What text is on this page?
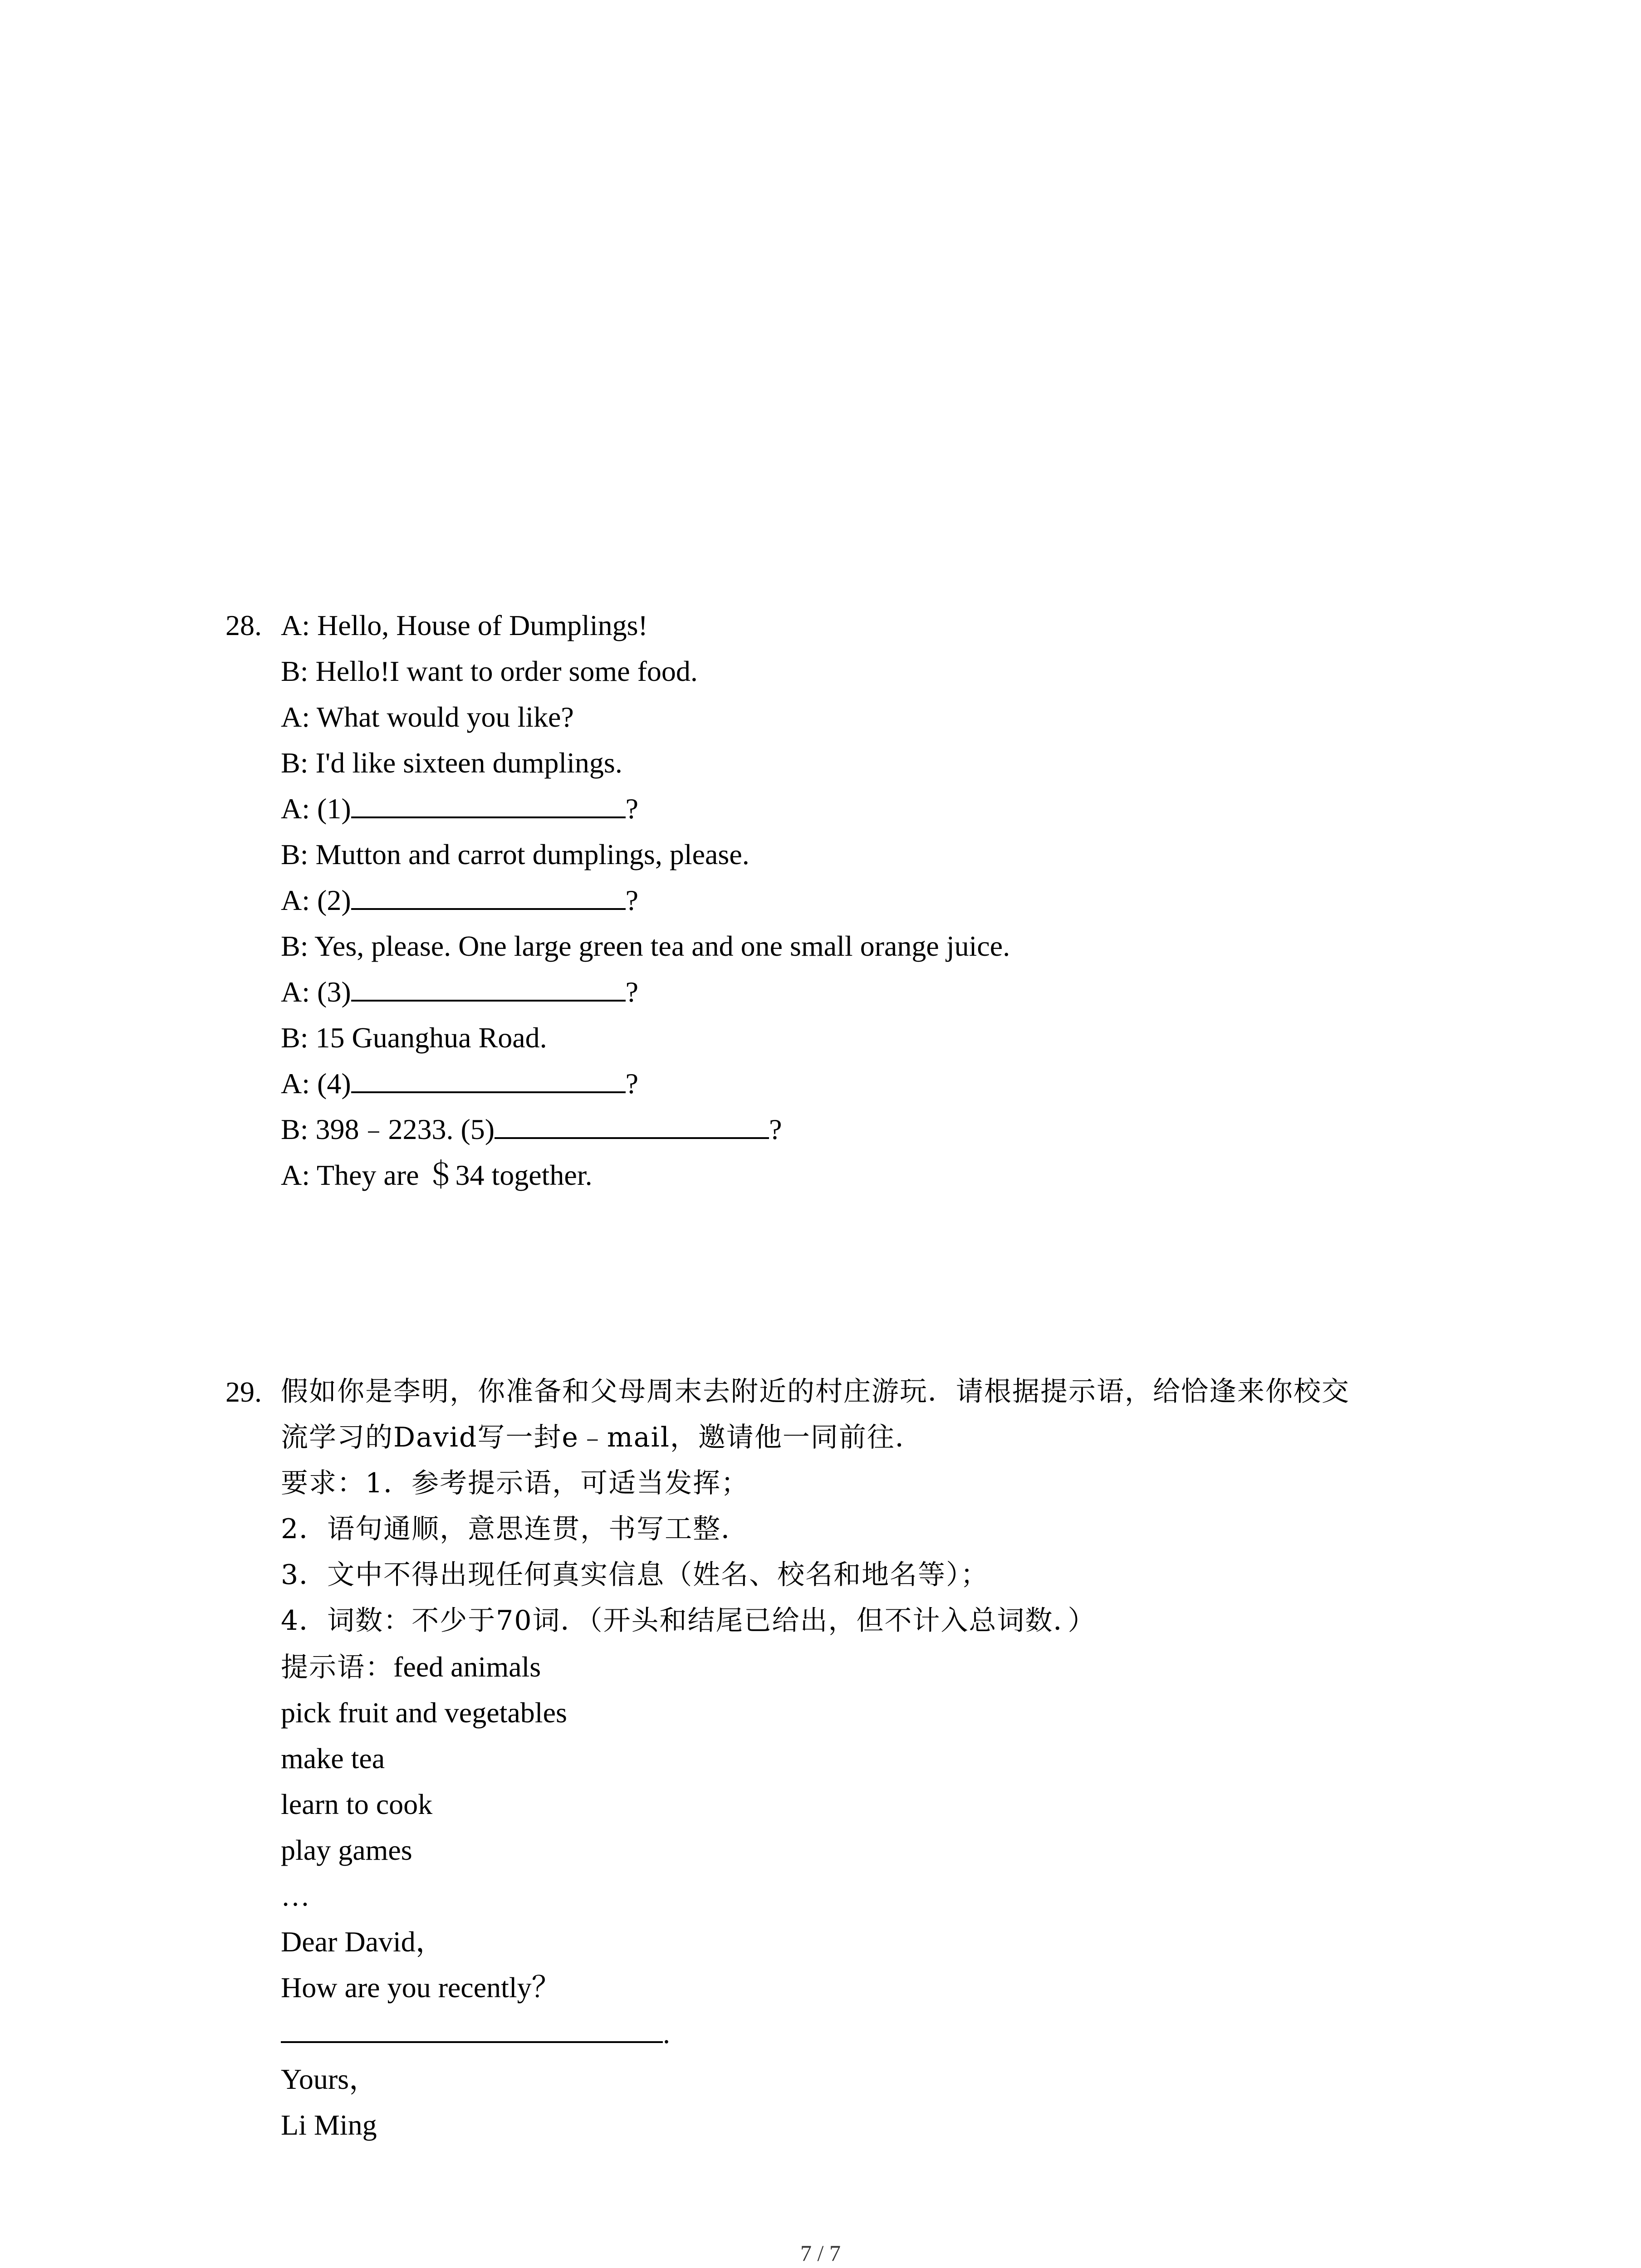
28. A: Hello, House of Dumplings!
B: Hello!I want to order some food.
A: What would you like?
B: I'd like sixteen dumplings.
A: (1)	?
B: Mutton and carrot dumplings, please.
A: (2)	?
B: Yes, please. One large green tea and one small orange juice.
A: (3)	?
B: 15 Guanghua Road.
A: (4)	?
B: 398﹣2233. (5)	?
A: They are ＄34 together.
29. 假如你是李明，你准备和父母周末去附近的村庄游玩．请根据提示语，给恰逢来你校交
流学习的David写一封e﹣mail，邀请他一同前往．
要求：1．参考提示语，可适当发挥；
2．语句通顺，意思连贯，书写工整．
3．文中不得出现任何真实信息（姓名、校名和地名等）；
4．词数：不少于70词．（开头和结尾已给出，但不计入总词数．）
提示语：feed animals
pick fruit and vegetables
make tea
learn to cook
play games
…
Dear David，
How are you recently？
.
Yours，
Li Ming
7 / 7
